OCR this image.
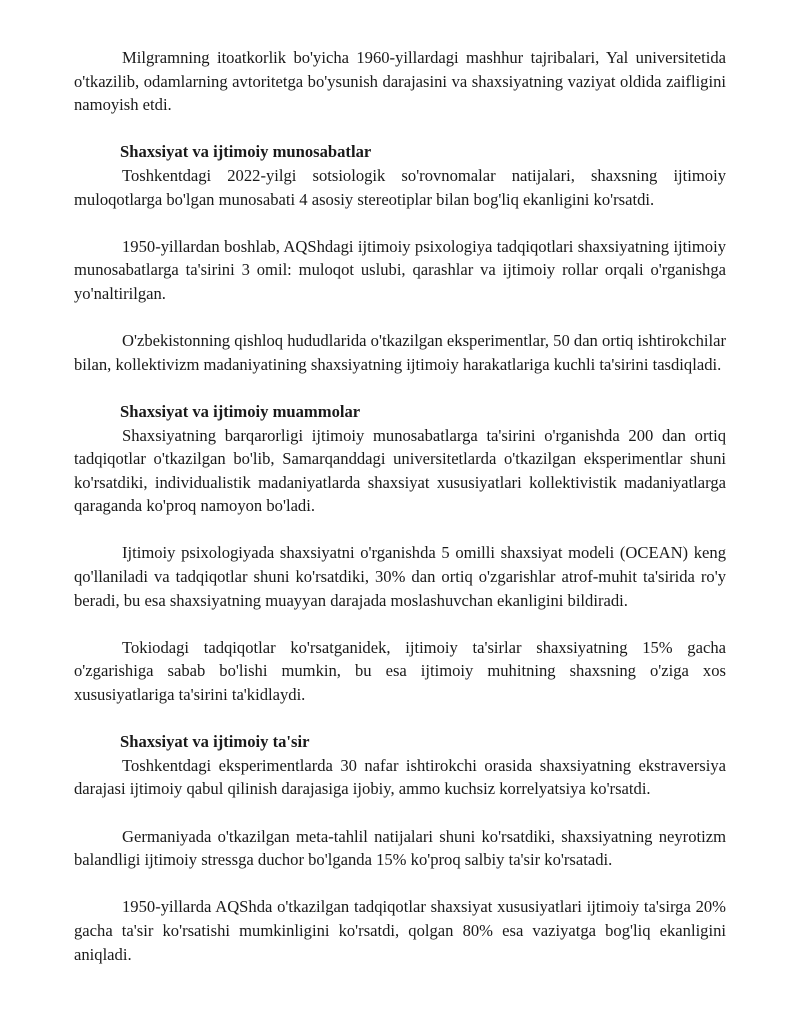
Milgramning itoatkorlik bo'yicha 1960-yillardagi mashhur tajribalari, Yal universitetida o'tkazilib, odamlarning avtoritetga bo'ysunish darajasini va shaxsiyatning vaziyat oldida zaifligini namoyish etdi.

Shaxsiyat va ijtimoiy munosabatlar

Toshkentdagi 2022-yilgi sotsiologik so'rovnomalar natijalari, shaxsning ijtimoiy muloqotlarga bo'lgan munosabati 4 asosiy stereotiplar bilan bog'liq ekanligini ko'rsatdi.

1950-yillardan boshlab, AQShdagi ijtimoiy psixologiya tadqiqotlari shaxsiyatning ijtimoiy munosabatlarga ta'sirini 3 omil: muloqot uslubi, qarashlar va ijtimoiy rollar orqali o'rganishga yo'naltirilgan.

O'zbekistonning qishloq hududlarida o'tkazilgan eksperimentlar, 50 dan ortiq ishtirokchilar bilan, kollektivizm madaniyatining shaxsiyatning ijtimoiy harakatlariga kuchli ta'sirini tasdiqladi.

Shaxsiyat va ijtimoiy muammolar

Shaxsiyatning barqarorligi ijtimoiy munosabatlarga ta'sirini o'rganishda 200 dan ortiq tadqiqotlar o'tkazilgan bo'lib, Samarqanddagi universitetlarda o'tkazilgan eksperimentlar shuni ko'rsatdiki, individualistik madaniyatlarda shaxsiyat xususiyatlari kollektivistik madaniyatlarga qaraganda ko'proq namoyon bo'ladi.

Ijtimoiy psixologiyada shaxsiyatni o'rganishda 5 omilli shaxsiyat modeli (OCEAN) keng qo'llaniladi va tadqiqotlar shuni ko'rsatdiki, 30% dan ortiq o'zgarishlar atrof-muhit ta'sirida ro'y beradi, bu esa shaxsiyatning muayyan darajada moslashuvchan ekanligini bildiradi.

Tokiodagi tadqiqotlar ko'rsatganidek, ijtimoiy ta'sirlar shaxsiyatning 15% gacha o'zgarishiga sabab bo'lishi mumkin, bu esa ijtimoiy muhitning shaxsning o'ziga xos xususiyatlariga ta'sirini ta'kidlaydi.

Shaxsiyat va ijtimoiy ta'sir

Toshkentdagi eksperimentlarda 30 nafar ishtirokchi orasida shaxsiyatning ekstraversiya darajasi ijtimoiy qabul qilinish darajasiga ijobiy, ammo kuchsiz korrelyatsiya ko'rsatdi.

Germaniyada o'tkazilgan meta-tahlil natijalari shuni ko'rsatdiki, shaxsiyatning neyrotizm balandligi ijtimoiy stressga duchor bo'lganda 15% ko'proq salbiy ta'sir ko'rsatadi.

1950-yillarda AQShda o'tkazilgan tadqiqotlar shaxsiyat xususiyatlari ijtimoiy ta'sirga 20% gacha ta'sir ko'rsatishi mumkinligini ko'rsatdi, qolgan 80% esa vaziyatga bog'liq ekanligini aniqladi.
